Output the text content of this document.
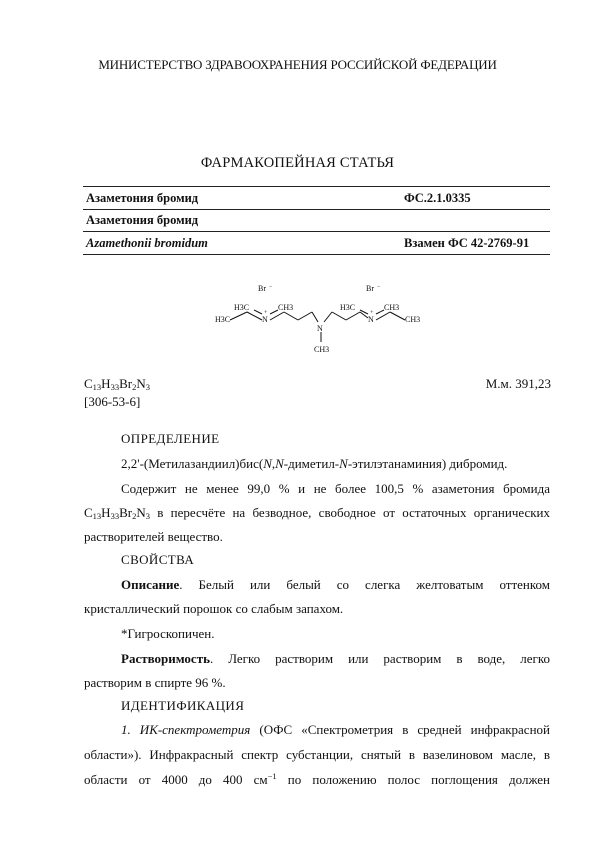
МИНИСТЕРСТВО ЗДРАВООХРАНЕНИЯ РОССИЙСКОЙ ФЕДЕРАЦИИ
ФАРМАКОПЕЙНАЯ СТАТЬЯ
Азаметония бромид	ФС.2.1.0335
Азаметония бромид
Azamethonii bromidum	Взамен ФС 42-2769-91
Br −	Br −
H3C	CH3
H3C	N
+
N
CH3
H3C	CH3
N
+
CH3
$C_{13}H_{33}Br_2N_3$
[306-53-6]
М.м. 391,23
ОПРЕДЕЛЕНИЕ
2,2'-(Метилазандиил)бис(N,N-диметил-N-этилэтанаминия) дибромид.
Содержит не менее 99,0 % и не более 100,5 % азаметония бромида
$C_{13}H_{33}Br_2N_3$ в пересчёте на безводное, свободное от остаточных органических
растворителей вещество.
СВОЙСТВА
Описание. Белый или белый со слегка желтоватым оттенком
кристаллический порошок со слабым запахом.
*Гигроскопичен.
Растворимость. Легко растворим или растворим в воде, легко
растворим в спирте 96 %.
ИДЕНТИФИКАЦИЯ
1. ИК-спектрометрия (ОФС «Спектрометрия в средней инфракрасной
области»). Инфракрасный спектр субстанции, снятый в вазелиновом масле, в
области от 4000 до 400 $см^{-1}$ по положению полос поглощения должен
